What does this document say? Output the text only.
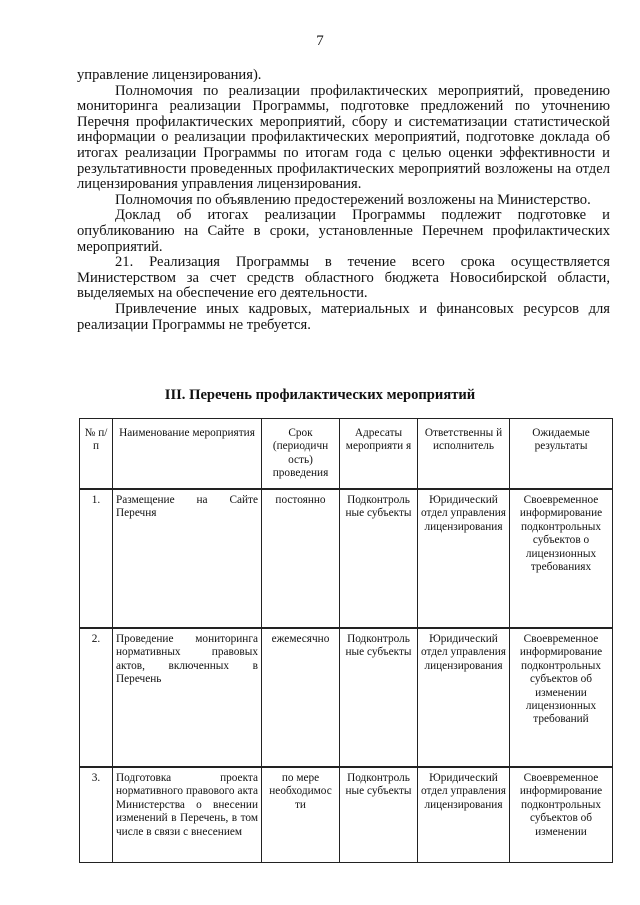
7

управление лицензирования).

Полномочия по реализации профилактических мероприятий, проведению мониторинга реализации Программы, подготовке предложений по уточнению Перечня профилактических мероприятий, сбору и систематизации статистической информации о реализации профилактических мероприятий, подготовке доклада об итогах реализации Программы по итогам года с целью оценки эффективности и результативности проведенных профилактических мероприятий возложены на отдел лицензирования управления лицензирования.

Полномочия по объявлению предостережений возложены на Министерство.

Доклад об итогах реализации Программы подлежит подготовке и опубликованию на Сайте в сроки, установленные Перечнем профилактических мероприятий.

21. Реализация Программы в течение всего срока осуществляется Министерством за счет средств областного бюджета Новосибирской области, выделяемых на обеспечение его деятельности.

Привлечение иных кадровых, материальных и финансовых ресурсов для реализации Программы не требуется.

III. Перечень профилактических мероприятий
№ п/п	Наименование мероприятия	Срок (периодичн ость) проведения	Адресаты мероприяти я	Ответственны й исполнитель	Ожидаемые результаты

1.	Размещение на Сайте Перечня	постоянно	Подконтроль ные субъекты	Юридический отдел управления лицензирования	Своевременное информирование подконтрольных субъектов о лицензионных требованиях

2.	Проведение мониторинга нормативных правовых актов, включенных в Перечень	ежемесячно	Подконтроль ные субъекты	Юридический отдел управления лицензирования	Своевременное информирование подконтрольных субъектов об изменении лицензионных требований

3.	Подготовка проекта нормативного правового акта Министерства о внесении изменений в Перечень, в том числе в связи с внесением	по мере необходимос ти	Подконтроль ные субъекты	Юридический отдел управления лицензирования	Своевременное информирование подконтрольных субъектов об изменении
